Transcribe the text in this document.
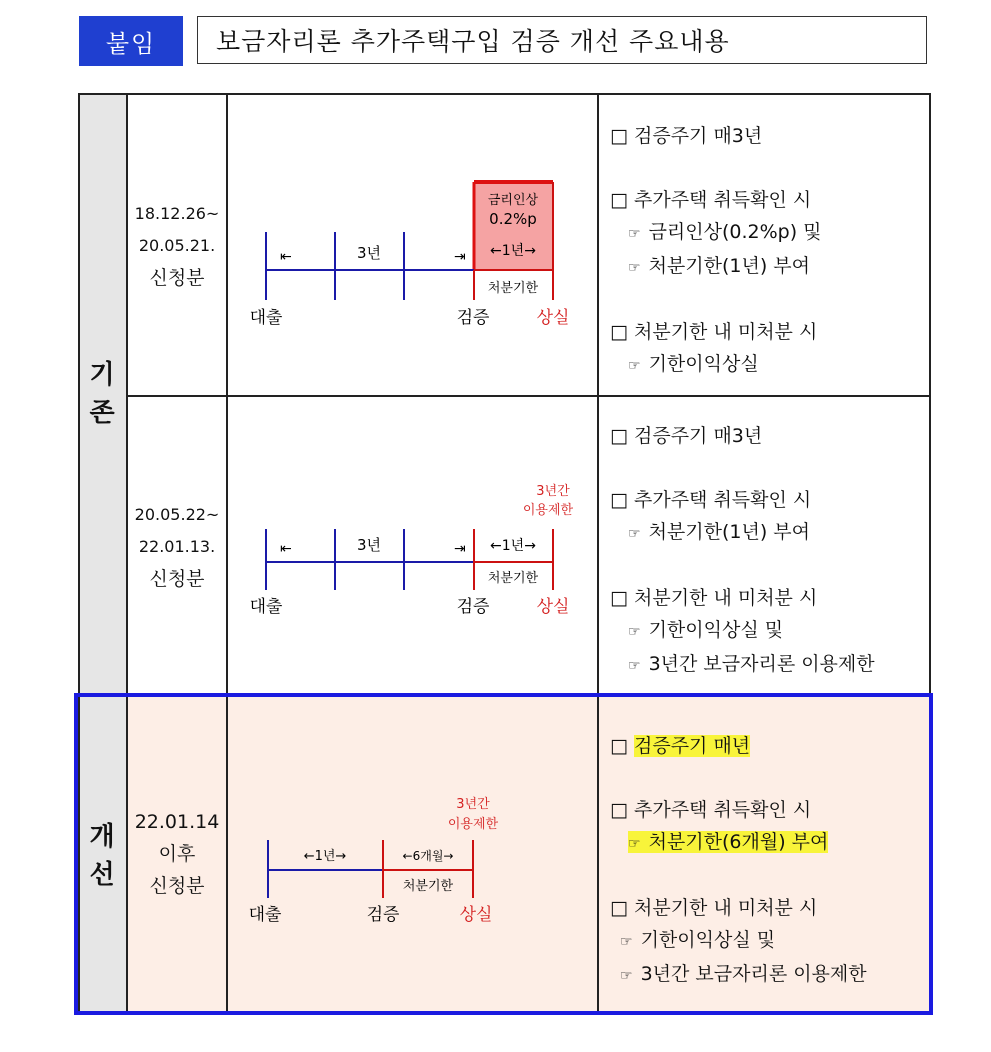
붙임	보금자리론 추가주택구입 검증 개선 주요내용
기
존
개
선
18.12.26~
20.05.21.
신청분
20.05.22~
22.01.13.
신청분
22.01.14
이후
신청분
금리인상
0.2%p
←1년→
⇤	3년	⇥
처분기한
대출	검증	상실
3년간
이용제한
⇤	3년	⇥ ←1년→
처분기한
대출	검증	상실
3년간
이용제한
←1년→	←6개월→
처분기한
대출	검증	상실
□ 검증주기 매3년
□ 추가주택 취득확인 시
☞ 금리인상(0.2%p) 및
☞ 처분기한(1년) 부여
□ 처분기한 내 미처분 시
☞ 기한이익상실
□ 검증주기 매3년
□ 추가주택 취득확인 시
☞ 처분기한(1년) 부여
□ 처분기한 내 미처분 시
☞ 기한이익상실 및
☞ 3년간 보금자리론 이용제한
□ 검증주기 매년
□ 추가주택 취득확인 시
☞ 처분기한(6개월) 부여
□ 처분기한 내 미처분 시
☞ 기한이익상실 및
☞ 3년간 보금자리론 이용제한
